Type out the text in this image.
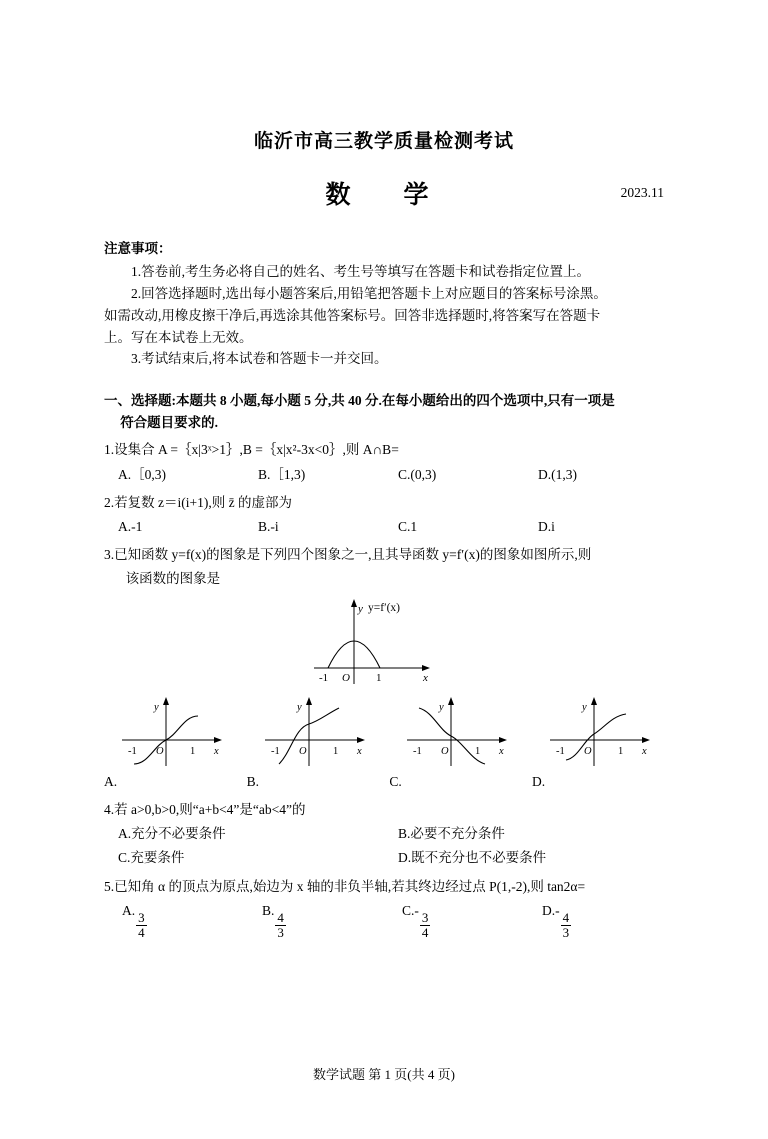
临沂市高三教学质量检测考试
数　学	2023.11
注意事项：

1.答卷前,考生务必将自己的姓名、考生号等填写在答题卡和试卷指定位置上。

2.回答选择题时,选出每小题答案后,用铅笔把答题卡上对应题目的答案标号涂黑。

如需改动,用橡皮擦干净后,再选涂其他答案标号。回答非选择题时,将答案写在答题卡

上。写在本试卷上无效。

3.考试结束后,将本试卷和答题卡一并交回。

一、选择题:本题共 8 小题,每小题 5 分,共 40 分.在每小题给出的四个选项中,只有一项是
符合题目要求的.
1.设集合 A =｛x|3ˣ>1｝,B =｛x|x²-3x<0｝,则 A∩B=
A.［0,3)	B.［1,3)	C.(0,3)	D.(1,3)
2.若复数 z＝i(i+1),则 z̄ 的虚部为
A.-1	B.-i	C.1	D.i
3.已知函数 y=f(x)的图象是下列四个图象之一,且其导函数 y=f′(x)的图象如图所示,则
该函数的图象是
y
x
-1 O 1
y=f′(x)
y
x
-1 O	1
A.
y
x
-1 O	1
B.
y
x
-1 O	1
C.
y
x
-1 O	1
D.
4.若 a>0,b>0,则“a+b<4”是“ab<4”的
A.充分不必要条件	B.必要不充分条件
C.充要条件	D.既不充分也不必要条件
5.已知角 α 的顶点为原点,始边为 x 轴的非负半轴,若其终边经过点 P(1,-2),则 tan2α=
A.
$\frac{3}{4}$
B.
$\frac{4}{3}$
C.-
$\frac{3}{4}$
D.-
$\frac{4}{3}$
数学试题 第 1 页(共 4 页)
